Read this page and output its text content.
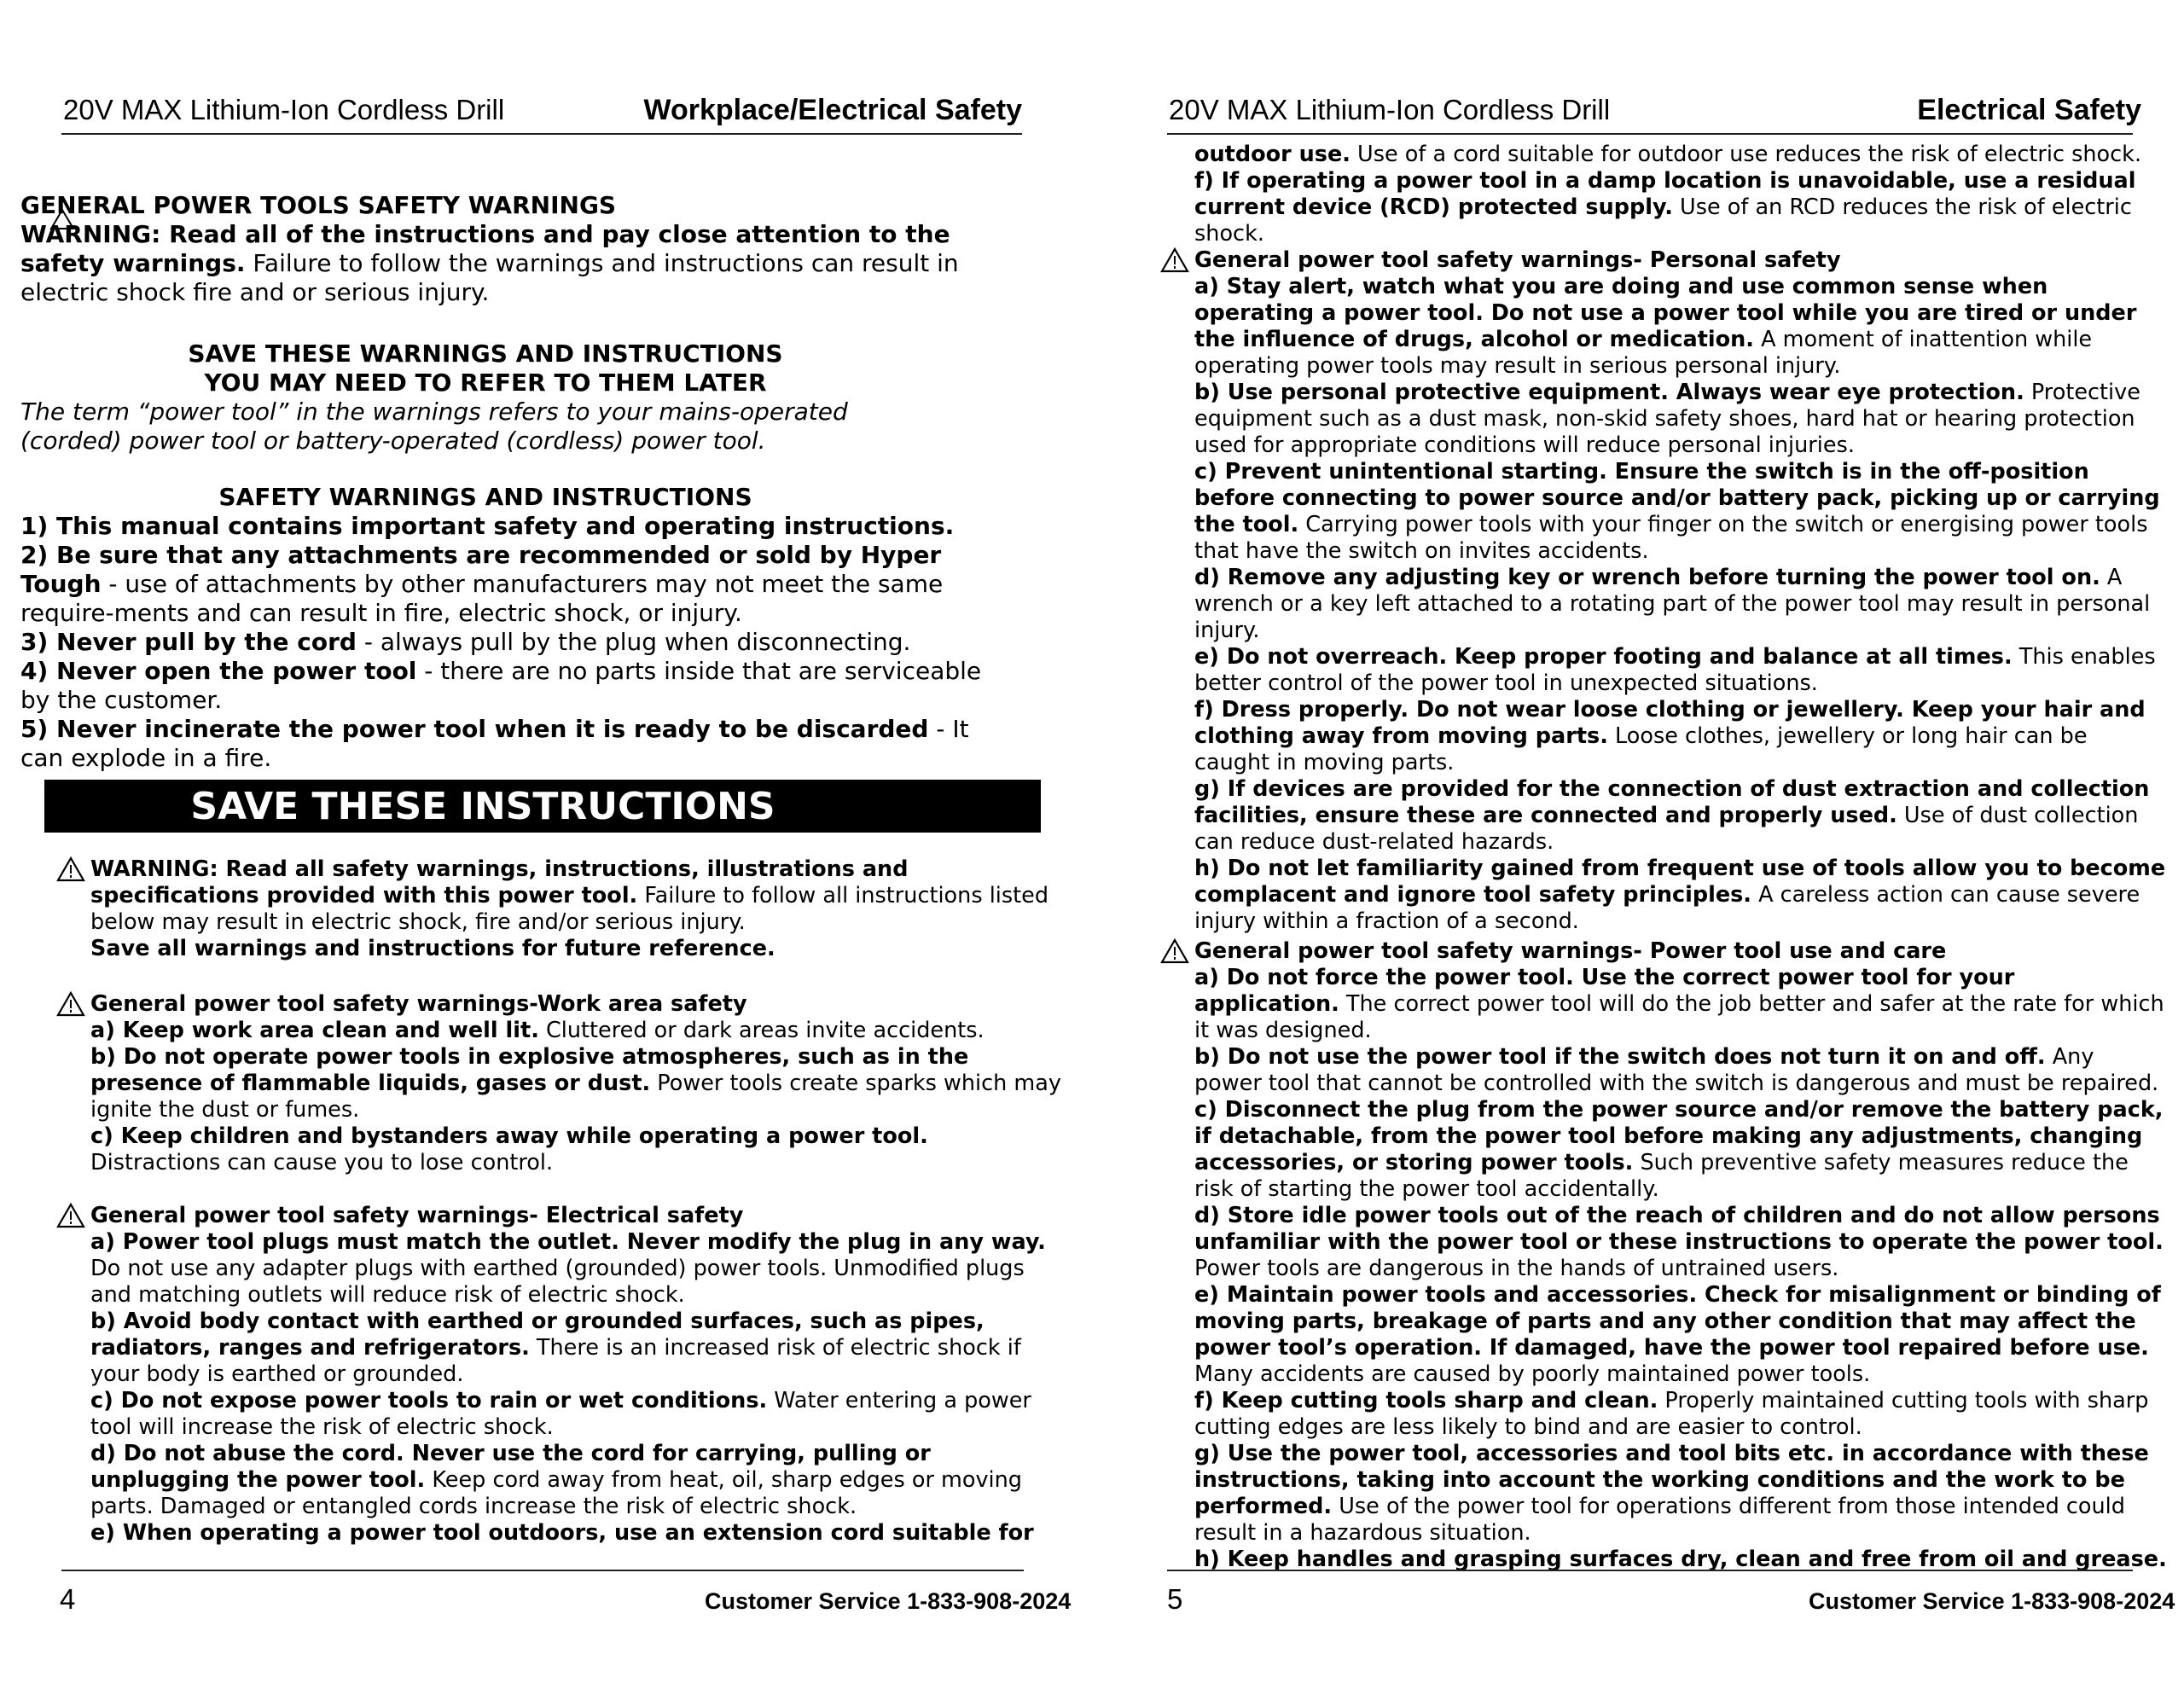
20V MAX Lithium-Ion Cordless Drill	Workplace/Electrical Safety

GENERAL POWER TOOLS SAFETY WARNINGS

WARNING: Read all of the instructions and pay close attention to the safety warnings. Failure to follow the warnings and instructions can result in electric shock fire and or serious injury.

SAVE THESE WARNINGS AND INSTRUCTIONS

YOU MAY NEED TO REFER TO THEM LATER

The term “power tool” in the warnings refers to your mains-operated (corded) power tool or battery-operated (cordless) power tool.

SAFETY WARNINGS AND INSTRUCTIONS

1) This manual contains important safety and operating instructions.

2) Be sure that any attachments are recommended or sold by Hyper Tough - use of attachments by other manufacturers may not meet the same require-ments and can result in fire, electric shock, or injury.

3) Never pull by the cord - always pull by the plug when disconnecting.

4) Never open the power tool - there are no parts inside that are serviceable by the customer.

5) Never incinerate the power tool when it is ready to be discarded - It can explode in a fire.

SAVE THESE INSTRUCTIONS

WARNING: Read all safety warnings, instructions, illustrations and specifications provided with this power tool. Failure to follow all instructions listed below may result in electric shock, fire and/or serious injury.

Save all warnings and instructions for future reference.

General power tool safety warnings-Work area safety

a) Keep work area clean and well lit. Cluttered or dark areas invite accidents.

b) Do not operate power tools in explosive atmospheres, such as in the presence of flammable liquids, gases or dust. Power tools create sparks which may ignite the dust or fumes.

c) Keep children and bystanders away while operating a power tool. Distractions can cause you to lose control.

General power tool safety warnings- Electrical safety

a) Power tool plugs must match the outlet. Never modify the plug in any way. Do not use any adapter plugs with earthed (grounded) power tools. Unmodified plugs and matching outlets will reduce risk of electric shock.

b) Avoid body contact with earthed or grounded surfaces, such as pipes, radiators, ranges and refrigerators. There is an increased risk of electric shock if your body is earthed or grounded.

c) Do not expose power tools to rain or wet conditions. Water entering a power tool will increase the risk of electric shock.

d) Do not abuse the cord. Never use the cord for carrying, pulling or unplugging the power tool. Keep cord away from heat, oil, sharp edges or moving parts. Damaged or entangled cords increase the risk of electric shock.

e) When operating a power tool outdoors, use an extension cord suitable for

4	Customer Service 1-833-908-2024
20V MAX Lithium-Ion Cordless Drill	Electrical Safety

outdoor use. Use of a cord suitable for outdoor use reduces the risk of electric shock.

f) If operating a power tool in a damp location is unavoidable, use a residual current device (RCD) protected supply. Use of an RCD reduces the risk of electric shock.

General power tool safety warnings- Personal safety

a) Stay alert, watch what you are doing and use common sense when operating a power tool. Do not use a power tool while you are tired or under the influence of drugs, alcohol or medication. A moment of inattention while operating power tools may result in serious personal injury.

b) Use personal protective equipment. Always wear eye protection. Protective equipment such as a dust mask, non-skid safety shoes, hard hat or hearing protection used for appropriate conditions will reduce personal injuries.

c) Prevent unintentional starting. Ensure the switch is in the off-position before connecting to power source and/or battery pack, picking up or carrying the tool. Carrying power tools with your finger on the switch or energising power tools that have the switch on invites accidents.

d) Remove any adjusting key or wrench before turning the power tool on. A wrench or a key left attached to a rotating part of the power tool may result in personal injury.

e) Do not overreach. Keep proper footing and balance at all times. This enables better control of the power tool in unexpected situations.

f) Dress properly. Do not wear loose clothing or jewellery. Keep your hair and clothing away from moving parts. Loose clothes, jewellery or long hair can be caught in moving parts.

g) If devices are provided for the connection of dust extraction and collection facilities, ensure these are connected and properly used. Use of dust collection can reduce dust-related hazards.

h) Do not let familiarity gained from frequent use of tools allow you to become complacent and ignore tool safety principles. A careless action can cause severe injury within a fraction of a second.

General power tool safety warnings- Power tool use and care

a) Do not force the power tool. Use the correct power tool for your application. The correct power tool will do the job better and safer at the rate for which it was designed.

b) Do not use the power tool if the switch does not turn it on and off. Any power tool that cannot be controlled with the switch is dangerous and must be repaired.

c) Disconnect the plug from the power source and/or remove the battery pack, if detachable, from the power tool before making any adjustments, changing accessories, or storing power tools. Such preventive safety measures reduce the risk of starting the power tool accidentally.

d) Store idle power tools out of the reach of children and do not allow persons unfamiliar with the power tool or these instructions to operate the power tool. Power tools are dangerous in the hands of untrained users.

e) Maintain power tools and accessories. Check for misalignment or binding of moving parts, breakage of parts and any other condition that may affect the power tool’s operation. If damaged, have the power tool repaired before use. Many accidents are caused by poorly maintained power tools.

f) Keep cutting tools sharp and clean. Properly maintained cutting tools with sharp cutting edges are less likely to bind and are easier to control.

g) Use the power tool, accessories and tool bits etc. in accordance with these instructions, taking into account the working conditions and the work to be performed. Use of the power tool for operations different from those intended could result in a hazardous situation.

h) Keep handles and grasping surfaces dry, clean and free from oil and grease.

5	Customer Service 1-833-908-2024
